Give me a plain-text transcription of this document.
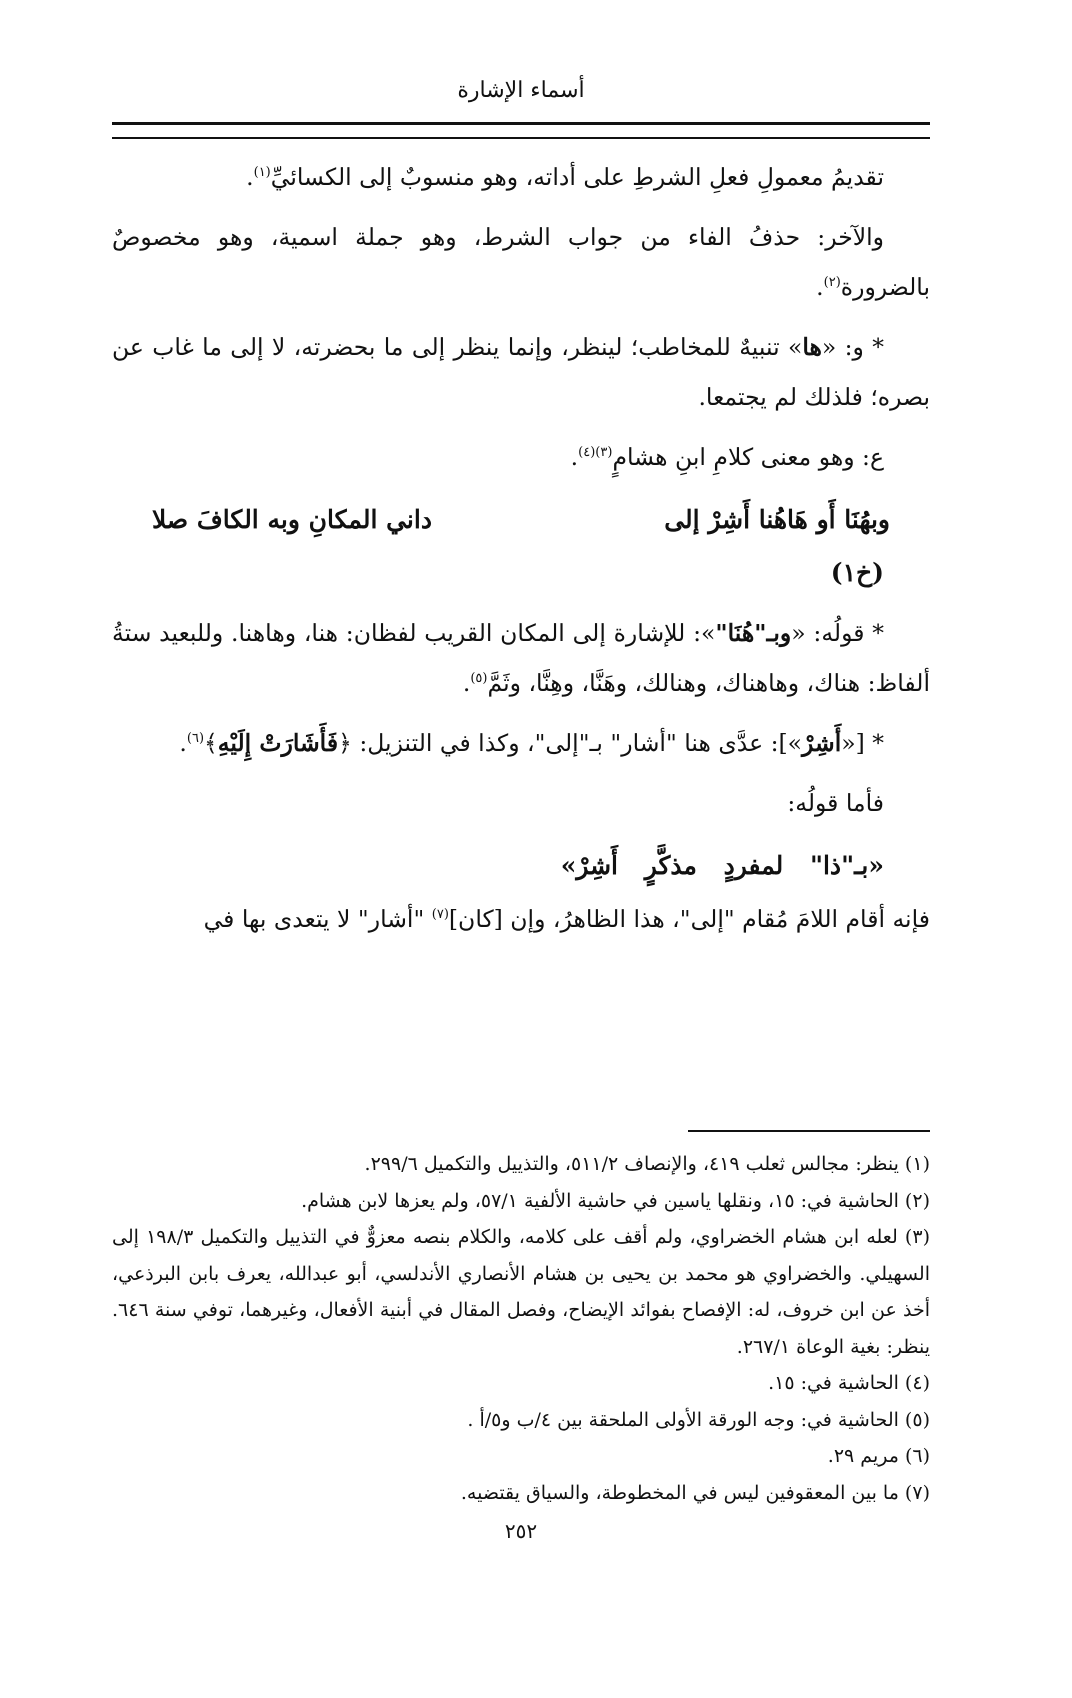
أسماء الإشارة

تقديمُ معمولِ فعلِ الشرطِ على أداته، وهو منسوبٌ إلى الكسائيِّ$^{(١)}$.

والآخر: حذفُ الفاء من جواب الشرط، وهو جملة اسمية، وهو مخصوصٌ بالضرورة$^{(٢)}$.

* و: «ها» تنبيهٌ للمخاطب؛ لينظر، وإنما ينظر إلى ما بحضرته، لا إلى ما غاب عن بصره؛ فلذلك لم يجتمعا.

ع: وهو معنى كلامِ ابنِ هشامٍ$^{(٣)(٤)}$.

وبهُنَا أَو هَاهُنا أَشِرْ إلى
داني المكانِ وبه الكافَ صلا
(خ١)

* قولُه: «وبـ"هُنَا"»: للإشارة إلى المكان القريب لفظان: هنا، وهاهنا. وللبعيد ستةُ ألفاظ: هناك، وهاهناك، وهنالك، وهَنَّا، وهِنَّا، وثَمَّ$^{(٥)}$.

* [«أَشِرْ»]: عدَّى هنا "أشار" بـ"إلى"، وكذا في التنزيل: ﴿فَأَشَارَتْ إِلَيْهِ﴾$^{(٦)}$.

فأما قولُه:

«بـ"ذا" لمفردٍ مذكَّرٍ أَشِرْ»

فإنه أقام اللامَ مُقام "إلى"، هذا الظاهرُ، وإن [كان]$^{(٧)}$ "أشار" لا يتعدى بها في

(١) ينظر: مجالس ثعلب ٤١٩، والإنصاف ٥١١/٢، والتذييل والتكميل ٢٩٩/٦.
(٢) الحاشية في: ١٥، ونقلها ياسين في حاشية الألفية ٥٧/١، ولم يعزها لابن هشام.
(٣) لعله ابن هشام الخضراوي، ولم أقف على كلامه، والكلام بنصه معزوٌّ في التذييل والتكميل ١٩٨/٣ إلى السهيلي. والخضراوي هو محمد بن يحيى بن هشام الأنصاري الأندلسي، أبو عبدالله، يعرف بابن البرذعي، أخذ عن ابن خروف، له: الإفصاح بفوائد الإيضاح، وفصل المقال في أبنية الأفعال، وغيرهما، توفي سنة ٦٤٦. ينظر: بغية الوعاة ٢٦٧/١.
(٤) الحاشية في: ١٥.
(٥) الحاشية في: وجه الورقة الأولى الملحقة بين ٤/ب و٥/أ .
(٦) مريم ٢٩.
(٧) ما بين المعقوفين ليس في المخطوطة، والسياق يقتضيه.
٢٥٢
